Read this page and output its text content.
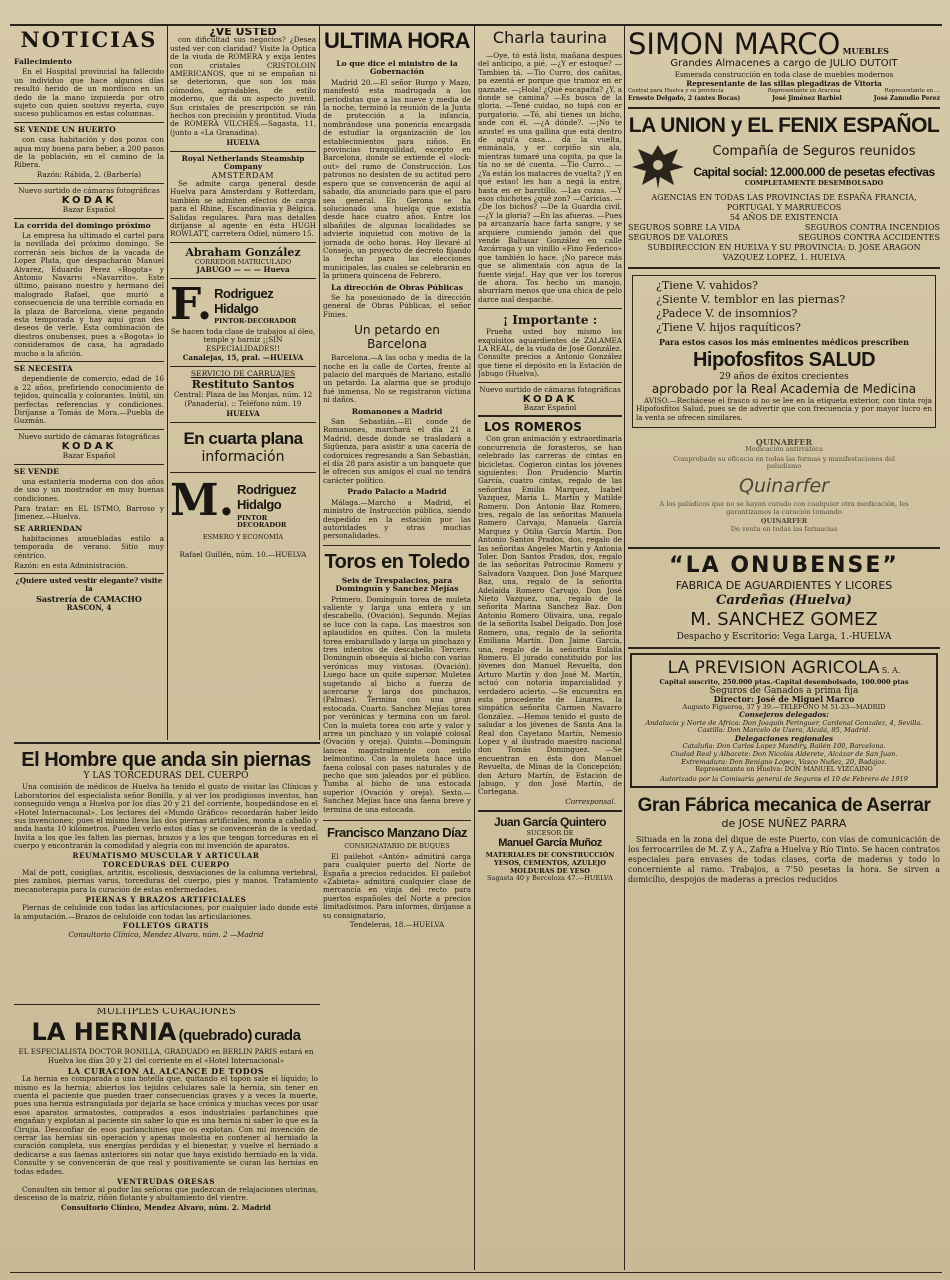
NOTICIAS
Fallecimiento

En el Hospital provincial ha fallecido un individuo que hace algunos días resultó herido de un mordisco en un dedo de la mano izquierda por otro sujeto con quien sostuvo reyerta, cuyo suceso publicamos en estas columnas.

SE VENDE UN HUERTO

con casa habitación y dos pozos con agua muy buena para beber, a 200 pasos de la población, en el camino de la Ribera.

Razón: Rábida, 2. (Barbería)

Nuevo surtido de cámaras fotográficas

KODAK

Bazar Español

La corrida del domingo próximo

La empresa ha ultimado el cartel para la novillada del próximo domingo. Se correrán seis bichos de la vacada de Lopez Plata, que despacharán Manuel Alvarez, Eduardo Perez «Bogota» y Antonio Navarro «Navarrito». Este último, paisano nuestro y hermano del malogrado Rafael, que murió a consecuencia de una terrible cornada en la plaza de Barcelona, viene pegando esta temporada y hay aquí gran des deseos de verle. Esta combinación de diestros onubenses, pues a «Bogota» lo consideramos de casa, ha agradado mucho a la afición.

SE NECESITA

dependiente de comercio, edad de 16 a 22 años, prefiriendo conocimiento de tejidos, quincalla y colorantes. Inútil, sin perfectas referencias y condiciones. Diríjanse a Tomás de Mora.—Puebla de Guzmán.

Nuevo surtido de cámaras fotográficas

KODAK

Bazar Español

SE VENDE

una estantería moderna con dos años de uso y un mostrador en muy buenas condiciones.

Para tratar: en EL ISTMO, Barroso y Jimenez.—Huelva.

SE ARRIENDAN

habitaciones amuebladas estilo a temporada de verano. Sitio muy céntrico.

Razón: en esta Administración.

¿Quiere usted vestir elegante? visite la

Sastrería de CAMACHO

RASCON, 4

¿VE USTED

con dificultad sus negocios? ¿Desea usted ver con claridad? Visite la Optica de la viuda de ROMERA y exija lentes con cristales CRISTOLOIN AMERICANOS, que ni se empañan ni se deterioran, que son los más cómodos, agradables, de estilo moderno, que dá un aspecto juvenil. Sus cristales de prescripción se rán hechos con precisión y prontitud. Viuda de ROMERA VILCHES.—Sagasta, 11, (junto a «La Granadina).

HUELVA
Royal Netherlands Steamship Company
AMSTERDAM

Se admite carga general desde Huelva para Amsterdam y Rotterdam, también se admiten efectos de carga para el Rhine, Escandinavia y Bélgica. Salidas regulares. Para mas detalles diríjanse al agente en ésta HUGH ROWLATT, carretera Odiel, número 15.

Abraham González
CORREDOR MATRICULADO
JABUGO — — — Hueva
F. Rodriguez Hidalgo
PINTOR-DECORADOR

Se hacen toda clase de trabajos al óleo, temple y barniz ¡¡SIN ESPECIALIDADES!!

Canalejas, 15, pral. —HUELVA
SERVICIO DE CARRUAJES
Restituto Santos

Central: Plaza de las Monjas, núm. 12 (Panadería). :: Teléfono núm. 19

HUELVA
En cuarta plana
información
M. Rodriguez Hidalgo
PINTOR DECORADOR
ESMERO Y ECONOMÍA
Rafael Guillén, núm. 10.—HUELVA
ULTIMA HORA
Lo que dice el ministro de la Gobernación

Madrid 20.—El señor Burgo y Mazo, manifestó esta madrugada a los periodistas que a las nueve y media de la noche, terminó la reunión de la Junta de protección a la infancia, nombrándose una ponencia encargada de estudiar la organización de los establecimientos para niños. En provincias tranquilidad, excepto en Barcelona, donde se extiende el «lock-out» del ramo de Construcción. Los patronos no desisten de su actitud pero espero que se convencerán de aquí al sábado, día anunciado para que el paro sea general. En Gerona se ha solucionado una huelga que existía desde hace cuatro años. Entre los albañiles de algunas localidades se advierte inquietud con motivo de la jornada de ocho horas. Hoy llevaré al Consejo, un proyecto de decreto fijando la fecha para las elecciones municipales, las cuales se celebrarán en la primera quincena de Febrero.

La dirección de Obras Públicas

Se ha posesionado de la dirección general de Obras Públicas, el señor Finies.

Un petardo en Barcelona

Barcelona.—A las ocho y media de la noche en la calle de Cortes, frente al palacio del marqués de Mariano, estalló un petardo. La alarma que se produjo fué inmensa. No se registraron víctima ni daños.

Romanones a Madrid

San Sebastián.—El conde de Romanones, marchará el día 21 a Madrid, desde donde se trasladará a Sigüenza, para asistir a una cacería de codornices regresando a San Sebastián, el día 28 para asistir a un banquete que le ofrecen sus amigos el cual no tendrá carácter político.

Prado Palacio a Madrid

Málaga.—Marchó a Madrid, el ministro de Instrucción pública, siendo despedido en la estación por las autoridades y otras muchas personalidades.

Toros en Toledo
Seis de Trespalacios, para Dominguín y Sanchez Mejías

Primero. Dominguín torea de muleta valiente y larga una entera y un descabello. (Ovación). Segundo. Mejías se luce con la capa. Los maestros son aplaudidos en quites. Con la muleta torea embarullado y larga un pinchazo y tres intentos de descabello. Tercero. Dominguín obsequia al bicho con varias verónicas muy vistosas. (Ovación). Luego hace un quite superior. Muletea sugetando al bicho a fuerza de acercarse y larga dos pinchazos, (Palmas). Termina con una gran estocada. Cuarto. Sanchez Mejías torea por verónicas y termina con un farol. Con la muleta torea con arte y valor y arrea un pinchazo y un volapié colosal (Ovación y oreja). Quinto.—Dominguín lancea magistralmente con estilo belmontino. Con la muleta hace una faena colosal con pases naturales y de pecho que son jaleados por el público. Tumba al bicho de una estocada superior (Ovación y oreja). Sexto.—Sanchez Mejías hace una faena breve y termina de una estocada.

Francisco Manzano Díaz
CONSIGNATARIO DE BUQUES

El pailebot «Antón» admitirá carga para cualquier puerto del Norte de España a precios reducidos. El pailebot «Zabieta» admitirá cualquier clase de mercancía en vinja del recto para puertos españoles del Norte a precios limitadísimos. Para informes, diríjanse a su consignatario,

Tendeleras, 18.—HUELVA
Charla taurina

—Oye, tó está listo, mañana despues del anticipo, a pié. —¿Y er estoque? —Tambien tá. —Tio Curro, dos cañitas, pa ezentá er porque que tramoz en er gaznate. —¡Hola! ¿Qué escapaíta? ¿Y, a donde se camina? —Es busca de la gloria. —Tené cuidao, no topá con er purgatorio. —Tó, ahí tienes un bicho, ande con él. —¿A dónde?. —¡No te azuste! es una gallina que está dentro de aquí'a casa... dá la vuelta, enmánala, y er corpiño sin ala, mientras tomaré una copita, pa que la tía no se dé cuenta. —Tío Curro... —¿Ya están los matacres de vuelta? ¡Y en qué estao! les han a negá la entré, hasta en er barstillo. —Las cozas. —Y esos chichotes ¿qué zon? —Caricias. —¿De los bichos? —De la Guardia civil, —¿Y la gloria? —En las afueras. —Pues pa arcanzaría hace farta sangre, y se arquiere cumiendo jamón del que vende Baltasar González en calle Azcárraga y un vinillo «Fino Federico» que también lo hace. ¡No parece más que se alimentaía con agua de la fuente vieja!. Hay que ver los toreros de ahora. Tos hecho un manojo, aburríarn menos que una chica de pelo darce mal despaché.

¡ Importante :

Prueba usted hoy mismo los exquisitos aguardientes de ZALAMEA LA REAL, de la viuda de José González. Consulte precios a Antonio González que tiene el depósito en la Estación de Jabugo (Huelva).

Nuevo surtido de cámaras fotográficas

KODAK

Bazar Español

LOS ROMEROS

Con gran animación y extraordinaria concurrencia de forasteros, se han celebrado las carreras de cintas en bicicletas. Cogieron cintas los jóvenes siguientes: Don Prudencio Martín García, cuatro cintas, regalo de las señoritas Emilia Marquez, Isabel Vazquez, María L. Martín y Matilde Romero. Don Antonio Baz Romero, tres, regalo de las señoritas Manuela Romero Carvajo, Manuela García Marquez y Otilia García Martín. Don Antonio Santos Prados, dos, regalo de las señoritas Angeles Martín y Antonia Toler. Don Santos Prados, dos, regalo de las señoritas Patrocinio Romero y Salvadora Vazquez. Don José Marquez Baz, una, regalo de la señorita Adelaida Romero Carvajo. Don José Nieto Vazquez, una, regalo de la señorita Marina Sanchez Baz. Don Antonio Romero Olivaira, una, regalo de la señorita Isabel Delgado. Don José Romero, una, regalo de la señorita Emiliana Martín. Don Jaime García, una, regalo de la señorita Eulalia Romero. El jurado constituido por los jóvenes don Manuel Revuelta, don Arturo Martín y don José M. Martín, actuó con notoria imparcialidad y verdadero acierto. —Se encuentra en esta procedente de Linares, la simpática señorita Carmen Navarro González. —Hemos tenido el gusto de saludar a los jóvenes de Santa Ana la Real don Cayetano Martín, Nemesio Lopez y al ilustrado maestro nacional don Tomás Dominguez. —Se encuentran en ésta don Manuel Revuelta, de Minas de la Concepción; don Arturo Martín, de Estación de Jabugo, y don José Martín, de Cortegana.

Corresponsal.
Juan García Quintero
SUCESOR DE
Manuel García Muñoz
MATERIALES DE CONSTRUCCIÓN
YESOS, CEMENTOS, AZULEJO
MOLDURAS DE YESO
Sagasta 40 y Berceloza 47.—HUELVA
El Hombre que anda sin piernas
Y LAS TORCEDURAS DEL CUERPO

Una comisión de médicos de Huelva ha tenido el gusto de visitar las Clínicas y Laboratorios del especialista señor Bonilla, y al ver los prodigiosos inventos, han conseguido venga a Huelva por los días 20 y 21 del corriente, hospedándose en el «Hotel Internacional». Los lectores del «Mundo Gráfico» recordarán haber leído sus invenciones; pues el mismo lleva las dos piernas artificiales, monta a caballo y anda hasta 10 kilómetros. Pueden verlo estos días y se convencerán de la verdad. Invita a los que les falten las piernas, brazos y a los que tengan torceduras en el cuerpo y encontrarán la comodidad y alegría con mi invención de aparatos.

REUMATISMO MUSCULAR Y ARTICULAR
TORCEDURAS DEL CUERPO

Mal de pott, cosiglias, artritis, escoliosis, desviaciones de la columna vertebral, pies zambos, piernas varus, torceduras del cuerpo, pies y manos. Tratamiento mecanoterapia para la curación de estas enfermedades.

PIERNAS Y BRAZOS ARTIFICIALES

Piernas de celuloide con todas las articulaciones, por cualquier lado donde esté la amputación.—Brazos de celuloide con todas las articulaciones.

FOLLETOS GRATIS
Consultorio Clínico, Mendez Alvaro, núm. 2 —Madrid
MULTIPLES CURACIONES
LA HERNIA (quebrado) curada

EL ESPECIALISTA DOCTOR BONILLA, GRADUADO en BERLIN PARIS estará en Huelva los días 20 y 21 del corriente en el «Hotel Internacional»

LA CURACION AL ALCANCE DE TODOS

La hernia es comparada a una botella que, quitando el tapón sale el líquido; lo mismo es la hernia; abiertos los tejidos celulares sale la hernia, sin tener en cuenta el paciente que pueden traer consecuencias graves y a veces la muerte, pues una hernia estrangulada por dejarla se hace crónica y muchas veces por usar esos aparatos armatostes, comprados a esos industriales parlanchines que engañan y explotan al paciente sin saber lo que es una hernia ni saber lo que es la Cirujía. Desconfiar de esos parlanchines que os explotan. Con mi invención de cerrar las hernias sin operación y apenas molestia en contener al herniado la curación completa, sus energías perdidas y el bienestar, y vuelve el herniado a dedicarse a sus faenas anteriores sin notar que haya existido herniado en la vida. Consulte y se convencerán de que real y positivamente se curan las hernias en todas edades.

VENTRUDAS ORESAS

Consulten sin temor al pudor las señoras que padezcan de relajaciones uterinas, descenso de la matriz, riñón flotante y abultamiento del vientre.

Consultorio Clínico, Mendez Alvaro, núm. 2. Madrid
SIMON MARCO MUEBLES
Grandes Almacenes a cargo de JULIO DUTOIT
Esmerada construcción en toda clase de muebles modernos
Representante de las sillas plegadizas de Vitoria
Central para Huelva y su provincia	Representante en Aracena	Representante en ...
Ernesto Delgado, 2 (antes Bocas)	José Jiménez Barbiel	José Zamudio Perez
LA UNION y EL FENIX ESPAÑOL
Compañía de Seguros reunidos
Capital social: 12.000.000 de pesetas efectivas
COMPLETAMENTE DESEMBOLSADO
AGENCIAS EN TODAS LAS PROVINCIAS DE ESPAÑA FRANCIA, PORTUGAL Y MARRUECOS
54 AÑOS DE EXISTENCIA
SEGUROS SOBRE LA VIDA	SEGUROS CONTRA INCENDIOS
SEGUROS DE VALORES	SEGUROS CONTRA ACCIDENTES
SUBDIRECCION EN HUELVA Y SU PROVINCIA: D. JOSE ARAGON VAZQUEZ LOPEZ, 1. HUELVA
¿Tiene V. vahidos?
¿Siente V. temblor en las piernas?
¿Padece V. de insomnios?
¿Tiene V. hijos raquíticos?
Para estos casos los más eminentes médicos prescriben
Hipofosfitos SALUD
29 años de éxitos crecientes
aprobado por la Real Academia de Medicina

AVISO.—Rechácese el frasco si no se lee en la etiqueta exterior, con tinta roja Hipofosfitos Salud, pues se de advertir que con frecuencia y por mayor lucro en la venta se ofrecen similares.

QUINARFER
Medicación antirrábica
Comprobado su eficacia en todas las formas y manifestaciones del paludismo
Quinarfer
A los palúdicos que no se hayan curado con cualquier otra medicación, les garantizamos la curación tomando
QUINARFER
De venta en todas las farmacias
“LA ONUBENSE”
FABRICA DE AGUARDIENTES Y LICORES
Cardeñas (Huelva)
M. SANCHEZ GOMEZ
Despacho y Escritorio: Vega Larga, 1.-HUELVA
LA PREVISION AGRICOLA S. A.
Capital suscrito, 250.000 ptas.-Capital desembolsado, 100.000 ptas
Seguros de Ganados a prima fija
Director: José de Miguel Marco
Augusto Figueroa, 37 y 39.—TELEFONO M 51-23—MADRID
Consejeros delegados:
Andalucía y Norte de Africa: Don Joaquín Peringuer, Cardenal Gonzalez, 4, Sevilla.
Castilla: Don Marcelo de Usera, Alcalá, 85, Madrid.
Delegaciones regionales
Cataluña: Don Carlos Lopez Mandiry, Bailén 100, Barcelona.
Ciudad Real y Albacete: Don Nicolás Alderete, Alcázar de San Juan.
Extremadura: Don Benigno Lopez, Vasco Nuñez, 20, Badajoz.
Representante en Huelva: DON MANUEL VIZCAINO
Autorizado por la Comisaría general de Seguros el 10 de Febrero de 1919
Gran Fábrica mecanica de Aserrar
de JOSE NUÑEZ PARRA

Situada en la zona del dique de este Puerto, con vías de comunicación de los ferrocarriles de M. Z y A., Zafra a Huelva y Río Tinto. Se hacen contratos especiales para envases de todas clases, corta de maderas y todo lo concerniente al ramo. Trabajos, a 7'50 pesetas la hora. Se sirven a domicilio, despojos de maderas a precios reducidos
